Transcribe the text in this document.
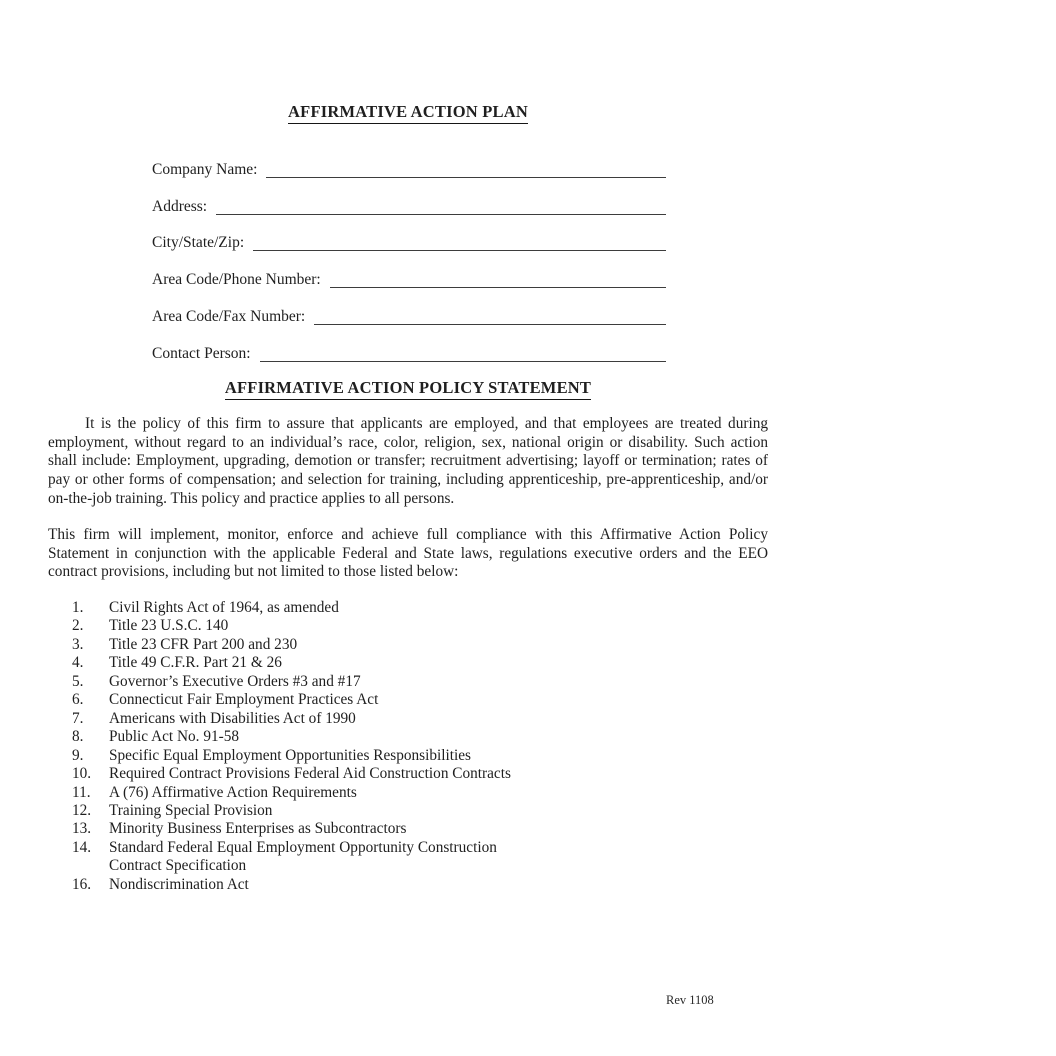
AFFIRMATIVE ACTION PLAN
Company Name:
Address:
City/State/Zip:
Area Code/Phone Number:
Area Code/Fax Number:
Contact Person:
AFFIRMATIVE ACTION POLICY STATEMENT
It is the policy of this firm to assure that applicants are employed, and that employees are treated during employment, without regard to an individual’s race, color, religion, sex, national origin or disability. Such action shall include: Employment, upgrading, demotion or transfer; recruitment advertising; layoff or termination; rates of pay or other forms of compensation; and selection for training, including apprenticeship, pre-apprenticeship, and/or on-the-job training. This policy and practice applies to all persons.
This firm will implement, monitor, enforce and achieve full compliance with this Affirmative Action Policy Statement in conjunction with the applicable Federal and State laws, regulations executive orders and the EEO contract provisions, including but not limited to those listed below:
1.	Civil Rights Act of 1964, as amended
2.	Title 23 U.S.C. 140
3.	Title 23 CFR Part 200 and 230
4.	Title 49 C.F.R. Part 21 & 26
5.	Governor’s Executive Orders #3 and #17
6.	Connecticut Fair Employment Practices Act
7.	Americans with Disabilities Act of 1990
8.	Public Act No. 91-58
9.	Specific Equal Employment Opportunities Responsibilities
10.	Required Contract Provisions Federal Aid Construction Contracts
11.	A (76) Affirmative Action Requirements
12.	Training Special Provision
13.	Minority Business Enterprises as Subcontractors
14.	Standard Federal Equal Employment Opportunity Construction
Contract Specification
16.	Nondiscrimination Act
Rev 1108
